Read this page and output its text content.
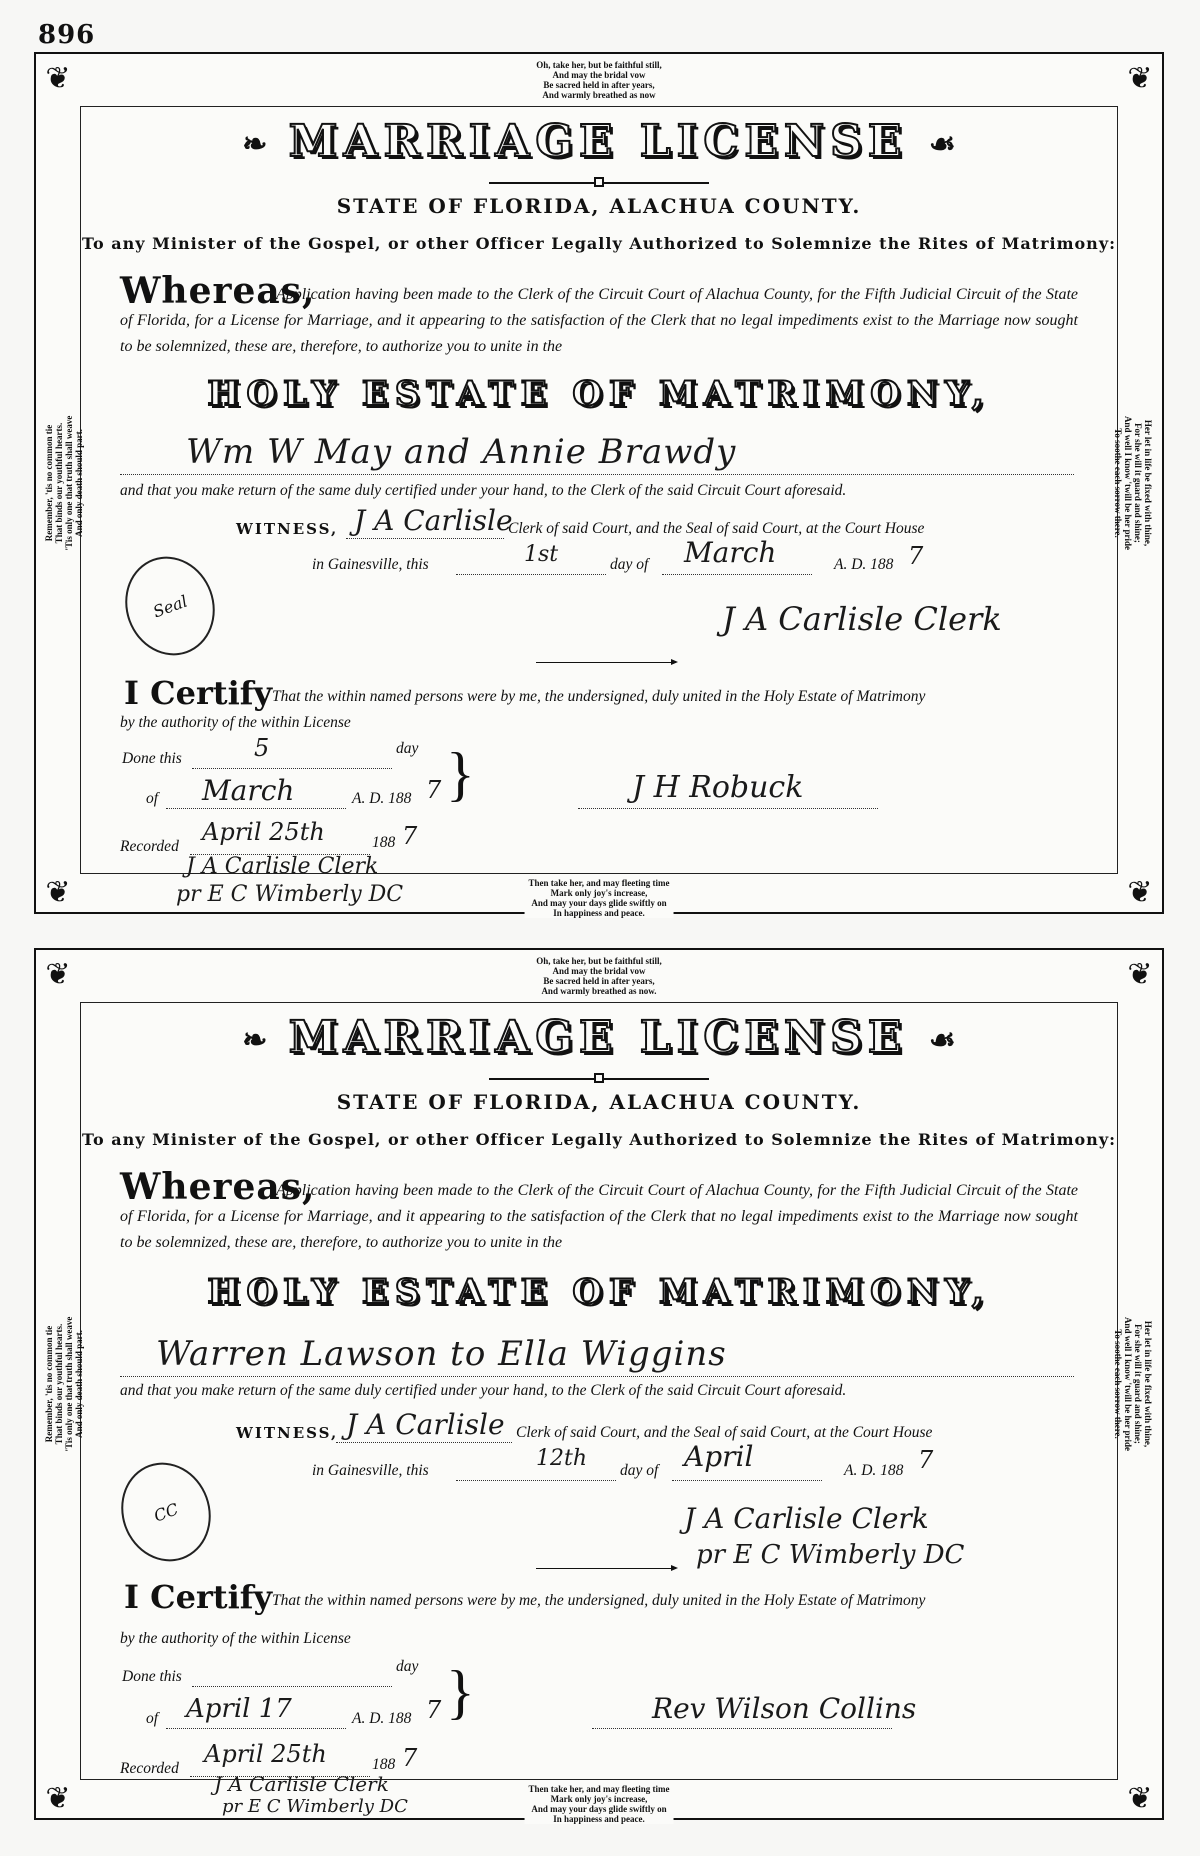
896
❦	❦
❦	❦
Oh, take her, but be faithful still,
And may the bridal vow
Be sacred held in after years,
And warmly breathed as now
Remember, 'tis no common tie
That binds our youthful hearts.
'Tis only one that truth shall weave
And only death should part.
Her let in life be fixed with thine,
For she will it guard and shine;
And well I know 'twill be her pride
To soothe each sorrow there.
❧ MARRIAGE LICENSE ☙
STATE OF FLORIDA, ALACHUA COUNTY.
To any Minister of the Gospel, or other Officer Legally Authorized to Solemnize the Rites of Matrimony:
Whereas,
Application having been made to the Clerk of the Circuit Court of Alachua County, for the Fifth Judicial Circuit of the State of Florida, for a License for Marriage, and it appearing to the satisfaction of the Clerk that no legal impediments exist to the Marriage now sought to be solemnized, these are, therefore, to authorize you to unite in the
HOLY ESTATE OF MATRIMONY,
Wm W May and Annie Brawdy
and that you make return of the same duly certified under your hand, to the Clerk of the said Circuit Court aforesaid.
WITNESS, J A Carlisle
Clerk of said Court, and the Seal of said Court, at the Court House
in Gainesville, this	1st	day of March	A. D. 188 7
Seal	J A Carlisle Clerk
I Certify That the within named persons were by me, the undersigned, duly united in the Holy Estate of Matrimony
by the authority of the within License
Done this	5	day
of March	A. D. 188 7 }	J H Robuck
Recorded
April 25th	188 7
J A Carlisle Clerk
pr E C Wimberly DC	Then take her, and may fleeting time
Mark only joy's increase,
And may your days glide swiftly on
In happiness and peace.
❦	❦
❦	❦
Oh, take her, but be faithful still,
And may the bridal vow
Be sacred held in after years,
And warmly breathed as now.
Remember, 'tis no common tie
That binds our youthful hearts.
'Tis only one that truth shall weave
And only death should part.
Her let in life be fixed with thine,
For she will it guard and shine;
And well I know 'twill be her pride
To soothe each sorrow there.
❧ MARRIAGE LICENSE ☙
STATE OF FLORIDA, ALACHUA COUNTY.
To any Minister of the Gospel, or other Officer Legally Authorized to Solemnize the Rites of Matrimony:
Whereas,
Application having been made to the Clerk of the Circuit Court of Alachua County, for the Fifth Judicial Circuit of the State of Florida, for a License for Marriage, and it appearing to the satisfaction of the Clerk that no legal impediments exist to the Marriage now sought to be solemnized, these are, therefore, to authorize you to unite in the
HOLY ESTATE OF MATRIMONY,
Warren Lawson to Ella Wiggins
and that you make return of the same duly certified under your hand, to the Clerk of the said Circuit Court aforesaid.
WITNESS, J A Carlisle Clerk of said Court, and the Seal of said Court, at the Court House
in Gainesville, this	12th day of April	A. D. 188 7
CC	J A Carlisle Clerk
pr E C Wimberly DC
I Certify That the within named persons were by me, the undersigned, duly united in the Holy Estate of Matrimony
by the authority of the within License
Done this
day
of April 17	A. D. 188 7 }	Rev Wilson Collins
Recorded
April 25th	188 7
J A Carlisle Clerk
pr E C Wimberly DC
Then take her, and may fleeting time
Mark only joy's increase,
And may your days glide swiftly on
In happiness and peace.
